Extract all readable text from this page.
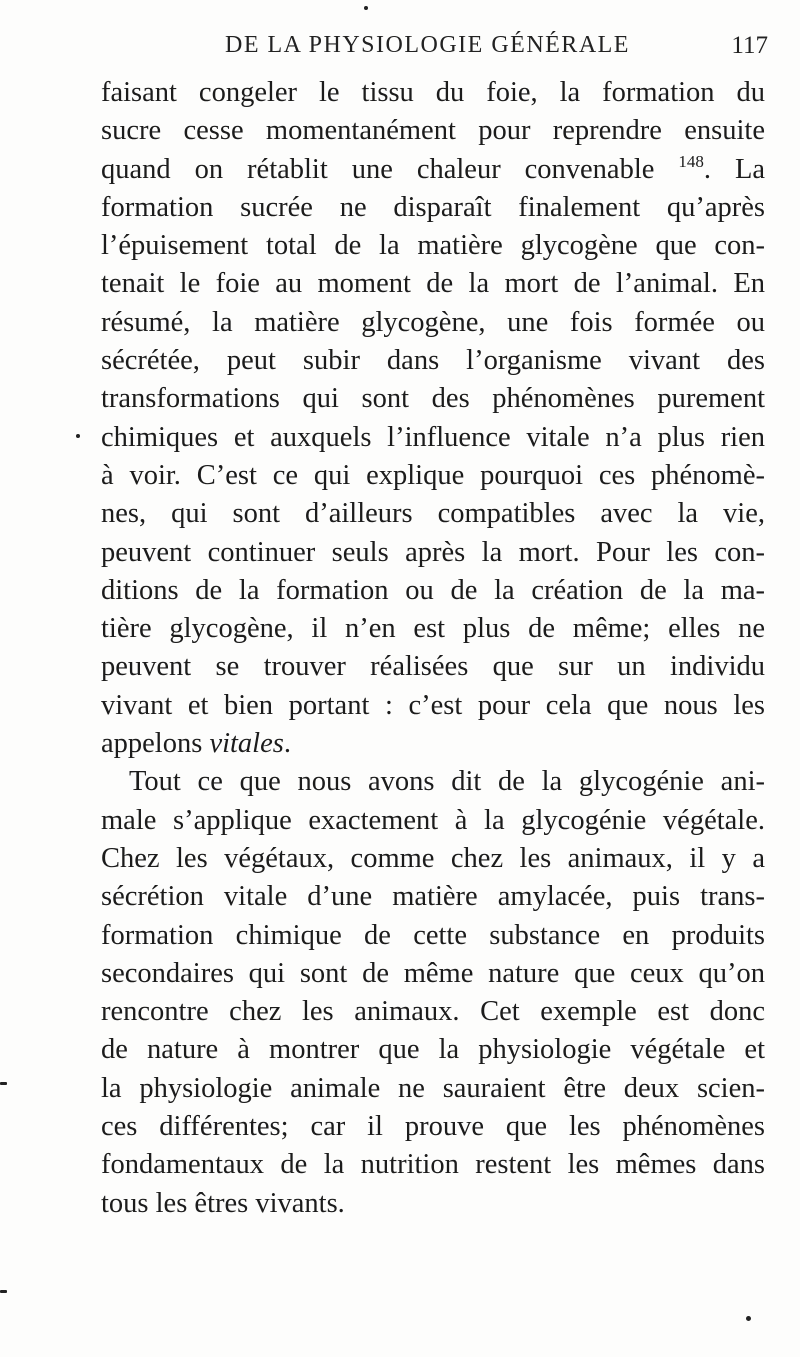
DE LA PHYSIOLOGIE GÉNÉRALE	117
faisant congeler le tissu du foie, la formation du
sucre cesse momentanément pour reprendre ensuite
quand on rétablit une chaleur convenable $^{148}$. La
formation sucrée ne disparaît finalement qu’après
l’épuisement total de la matière glycogène que con-
tenait le foie au moment de la mort de l’animal. En
résumé, la matière glycogène, une fois formée ou
sécrétée, peut subir dans l’organisme vivant des
transformations qui sont des phénomènes purement
chimiques et auxquels l’influence vitale n’a plus rien
à voir. C’est ce qui explique pourquoi ces phénomè-
nes, qui sont d’ailleurs compatibles avec la vie,
peuvent continuer seuls après la mort. Pour les con-
ditions de la formation ou de la création de la ma-
tière glycogène, il n’en est plus de même; elles ne
peuvent se trouver réalisées que sur un individu
vivant et bien portant : c’est pour cela que nous les
appelons vitales.
Tout ce que nous avons dit de la glycogénie ani-
male s’applique exactement à la glycogénie végétale.
Chez les végétaux, comme chez les animaux, il y a
sécrétion vitale d’une matière amylacée, puis trans-
formation chimique de cette substance en produits
secondaires qui sont de même nature que ceux qu’on
rencontre chez les animaux. Cet exemple est donc
de nature à montrer que la physiologie végétale et
la physiologie animale ne sauraient être deux scien-
ces différentes; car il prouve que les phénomènes
fondamentaux de la nutrition restent les mêmes dans
tous les êtres vivants.
